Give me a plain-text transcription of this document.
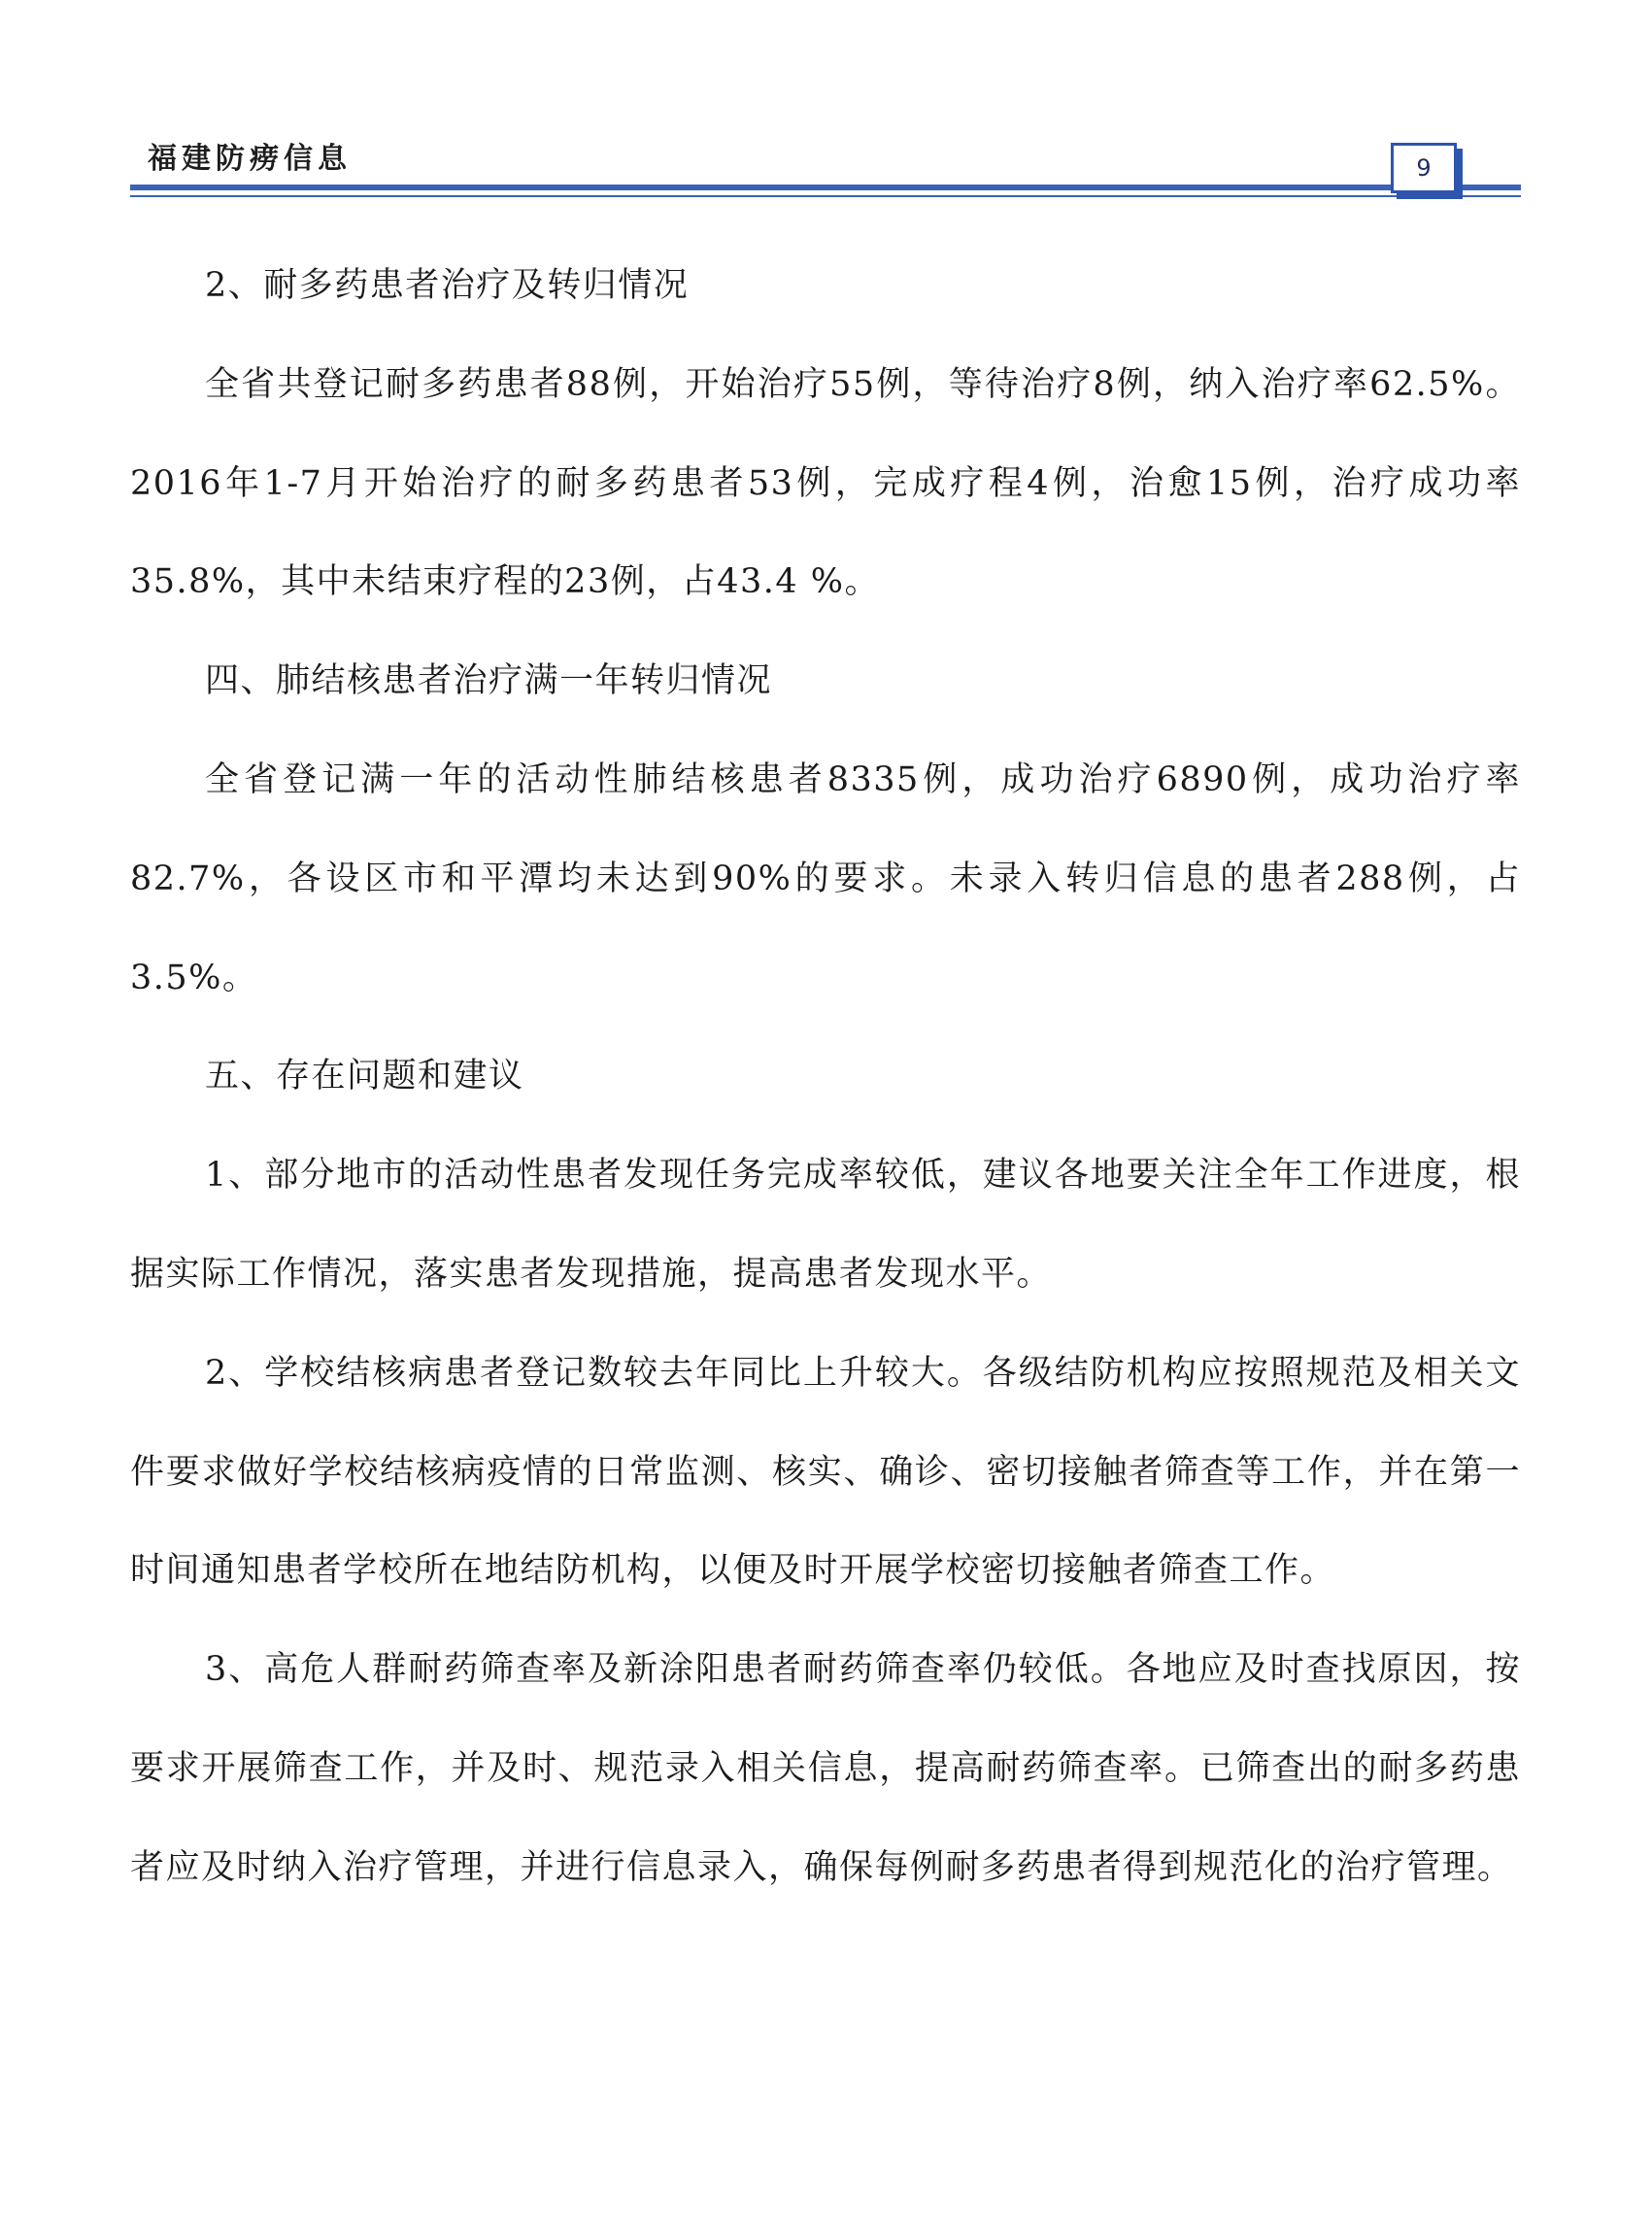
福建防痨信息	9

2、耐多药患者治疗及转归情况

全省共登记耐多药患者88例，开始治疗55例，等待治疗8例，纳入治疗率62.5%。2016年1-7月开始治疗的耐多药患者53例，完成疗程4例，治愈15例，治疗成功率35.8%，其中未结束疗程的23例，占43.4 %。

四、肺结核患者治疗满一年转归情况

全省登记满一年的活动性肺结核患者8335例，成功治疗6890例，成功治疗率82.7%，各设区市和平潭均未达到90%的要求。未录入转归信息的患者288例，占3.5%。

五、存在问题和建议

1、部分地市的活动性患者发现任务完成率较低，建议各地要关注全年工作进度，根据实际工作情况，落实患者发现措施，提高患者发现水平。

2、学校结核病患者登记数较去年同比上升较大。各级结防机构应按照规范及相关文件要求做好学校结核病疫情的日常监测、核实、确诊、密切接触者筛查等工作，并在第一时间通知患者学校所在地结防机构，以便及时开展学校密切接触者筛查工作。

3、高危人群耐药筛查率及新涂阳患者耐药筛查率仍较低。各地应及时查找原因，按要求开展筛查工作，并及时、规范录入相关信息，提高耐药筛查率。已筛查出的耐多药患者应及时纳入治疗管理，并进行信息录入，确保每例耐多药患者得到规范化的治疗管理。
